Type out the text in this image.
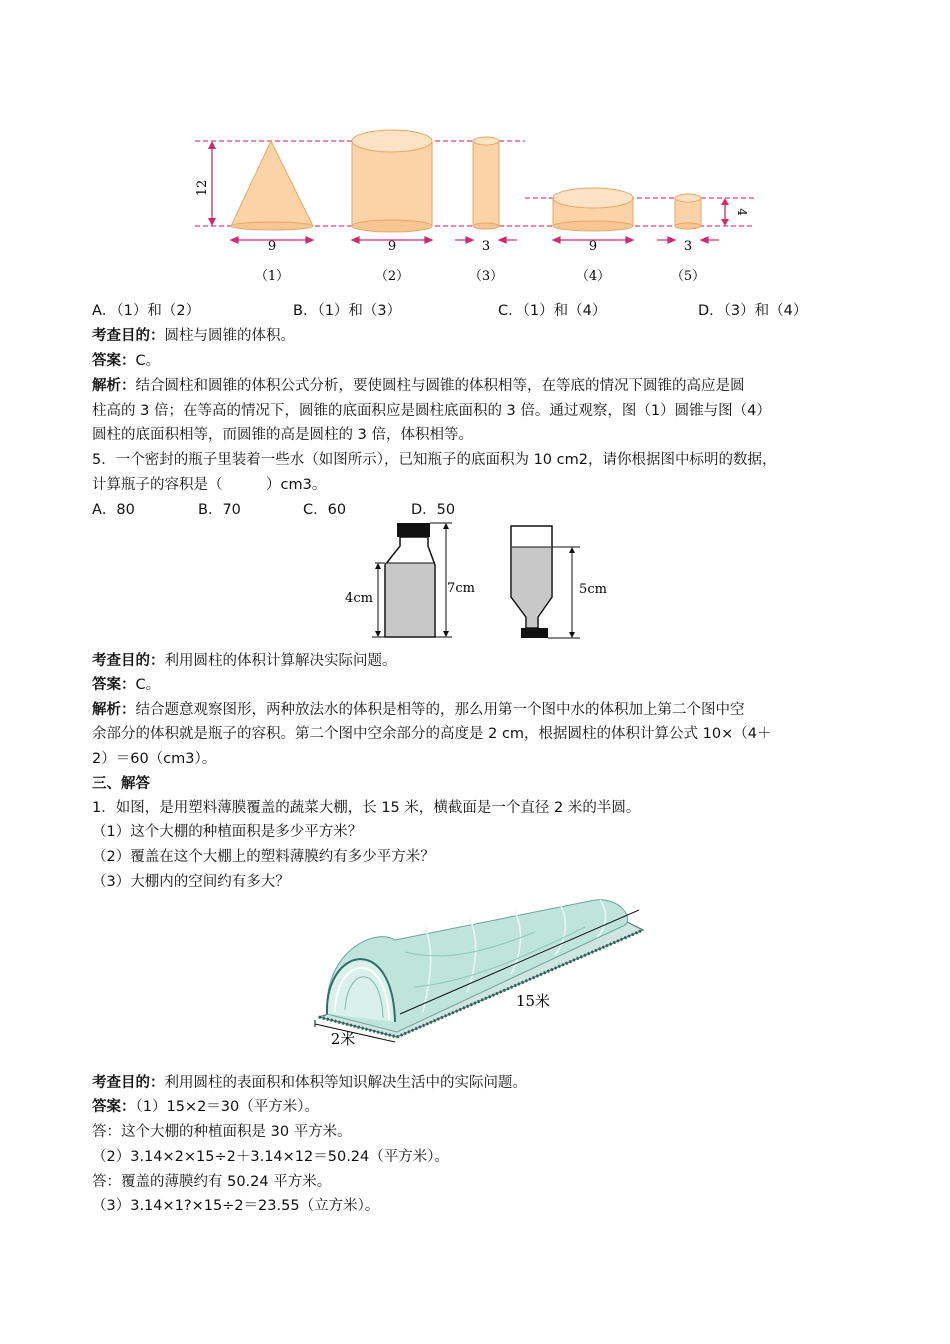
12
4
9	9	3	9	3
（1）	（2）	（3）	（4）	（5）
A．（1）和（2）	B．（1）和（3）	C．（1）和（4）	D．（3）和（4）
考查目的：圆柱与圆锥的体积。
答案：C。
解析：结合圆柱和圆锥的体积公式分析，要使圆柱与圆锥的体积相等，在等底的情况下圆锥的高应是圆
柱高的 3 倍；在等高的情况下，圆锥的底面积应是圆柱底面积的 3 倍。通过观察，图（1）圆锥与图（4）
圆柱的底面积相等，而圆锥的高是圆柱的 3 倍，体积相等。
5．一个密封的瓶子里装着一些水（如图所示），已知瓶子的底面积为 10 cm2，请你根据图中标明的数据，
计算瓶子的容积是（　　　）cm3。
A．80	B．70	C．60	D．50
4cm
7cm	5cm
考查目的：利用圆柱的体积计算解决实际问题。
答案：C。
解析：结合题意观察图形，两种放法水的体积是相等的，那么用第一个图中水的体积加上第二个图中空
余部分的体积就是瓶子的容积。第二个图中空余部分的高度是 2 cm，根据圆柱的体积计算公式 10×（4＋
2）＝60（cm3）。
三、解答
1．如图，是用塑料薄膜覆盖的蔬菜大棚，长 15 米，横截面是一个直径 2 米的半圆。
（1）这个大棚的种植面积是多少平方米？
（2）覆盖在这个大棚上的塑料薄膜约有多少平方米？
（3）大棚内的空间约有多大？
15米
2米
考查目的：利用圆柱的表面积和体积等知识解决生活中的实际问题。
答案：（1）15×2＝30（平方米）。
答：这个大棚的种植面积是 30 平方米。
（2）3.14×2×15÷2＋3.14×12＝50.24（平方米）。
答：覆盖的薄膜约有 50.24 平方米。
（3）3.14×1?×15÷2＝23.55（立方米）。
